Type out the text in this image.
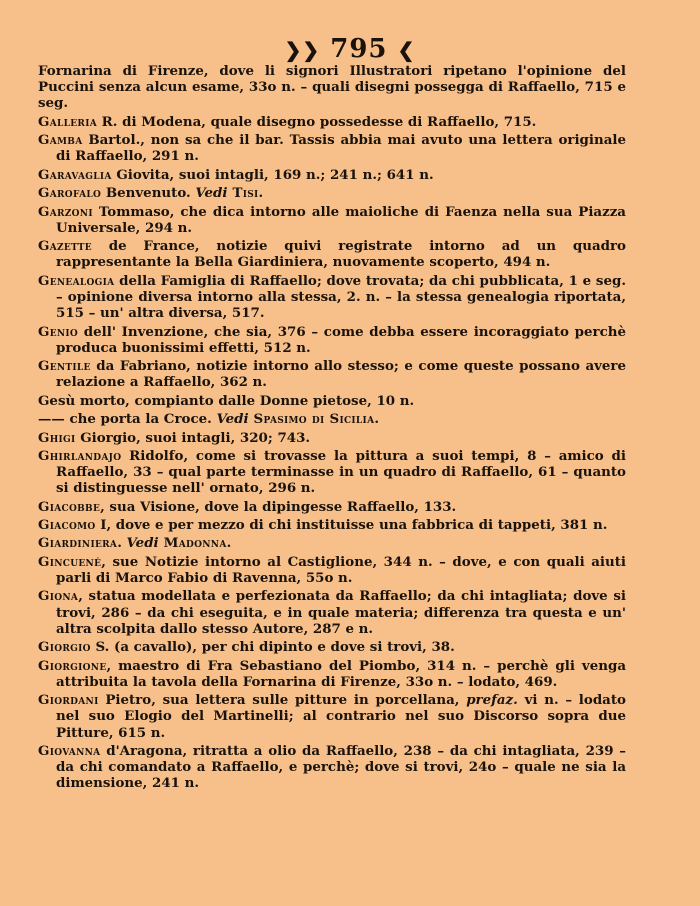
❯❯ 795 ❮

Fornarina di Firenze, dove li signori Illustratori ripetano l'opinione del Puccini senza alcun esame, 33o n. – quali disegni possegga di Raffaello, 715 e seg.

Galleria R. di Modena, quale disegno possedesse di Raffaello, 715.

Gamba Bartol., non sa che il bar. Tassis abbia mai avuto una lettera originale di Raffaello, 291 n.

Garavaglia Giovita, suoi intagli, 169 n.; 241 n.; 641 n.

Garofalo Benvenuto. Vedi Tisi.

Garzoni Tommaso, che dica intorno alle maioliche di Faenza nella sua Piazza Universale, 294 n.

Gazette de France, notizie quivi registrate intorno ad un quadro rappresentante la Bella Giardiniera, nuovamente scoperto, 494 n.

Genealogia della Famiglia di Raffaello; dove trovata; da chi pubblicata, 1 e seg. – opinione diversa intorno alla stessa, 2. n. – la stessa genealogia riportata, 515 – un' altra diversa, 517.

Genio dell' Invenzione, che sia, 376 – come debba essere incoraggiato perchè produca buonissimi effetti, 512 n.

Gentile da Fabriano, notizie intorno allo stesso; e come queste possano avere relazione a Raffaello, 362 n.

Gesù morto, compianto dalle Donne pietose, 10 n.

—— che porta la Croce. Vedi Spasimo di Sicilia.

Ghigi Giorgio, suoi intagli, 320; 743.

Ghirlandajo Ridolfo, come si trovasse la pittura a suoi tempi, 8 – amico di Raffaello, 33 – qual parte terminasse in un quadro di Raffaello, 61 – quanto si distinguesse nell' ornato, 296 n.

Giacobbe, sua Visione, dove la dipingesse Raffaello, 133.

Giacomo I, dove e per mezzo di chi instituisse una fabbrica di tappeti, 381 n.

Giardiniera. Vedi Madonna.

Gincuené, sue Notizie intorno al Castiglione, 344 n. – dove, e con quali aiuti parli di Marco Fabio di Ravenna, 55o n.

Giona, statua modellata e perfezionata da Raffaello; da chi intagliata; dove si trovi, 286 – da chi eseguita, e in quale materia; differenza tra questa e un' altra scolpita dallo stesso Autore, 287 e n.

Giorgio S. (a cavallo), per chi dipinto e dove si trovi, 38.

Giorgione, maestro di Fra Sebastiano del Piombo, 314 n. – perchè gli venga attribuita la tavola della Fornarina di Firenze, 33o n. – lodato, 469.

Giordani Pietro, sua lettera sulle pitture in porcellana, prefaz. vi n. – lodato nel suo Elogio del Martinelli; al contrario nel suo Discorso sopra due Pitture, 615 n.

Giovanna d'Aragona, ritratta a olio da Raffaello, 238 – da chi intagliata, 239 – da chi comandato a Raffaello, e perchè; dove si trovi, 24o – quale ne sia la dimensione, 241 n.
